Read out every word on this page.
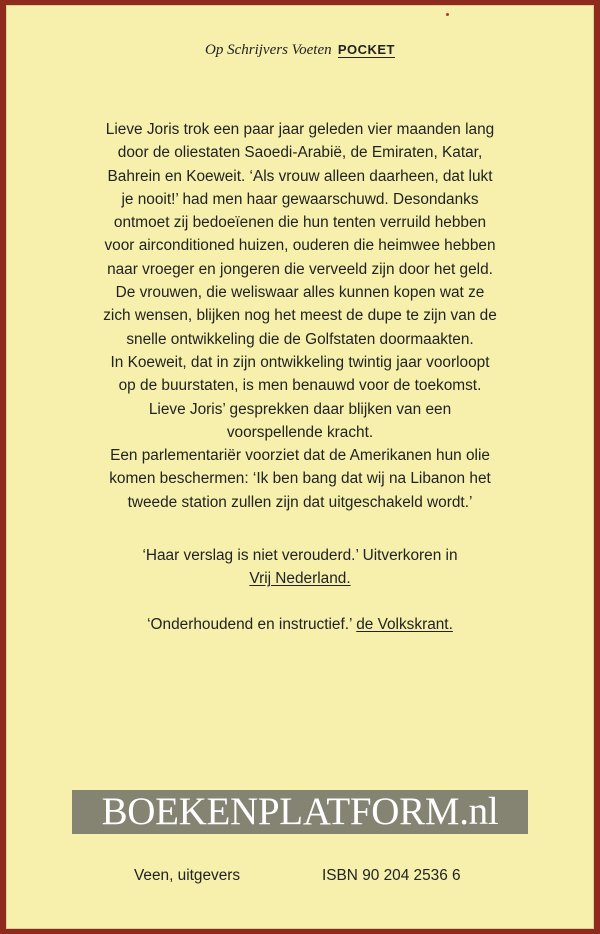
Op Schrijvers Voeten POCKET
Lieve Joris trok een paar jaar geleden vier maanden lang
door de oliestaten Saoedi-Arabië, de Emiraten, Katar,
Bahrein en Koeweit. ‘Als vrouw alleen daarheen, dat lukt
je nooit!’ had men haar gewaarschuwd. Desondanks
ontmoet zij bedoeïenen die hun tenten verruild hebben
voor airconditioned huizen, ouderen die heimwee hebben
naar vroeger en jongeren die verveeld zijn door het geld.
De vrouwen, die weliswaar alles kunnen kopen wat ze
zich wensen, blijken nog het meest de dupe te zijn van de
snelle ontwikkeling die de Golfstaten doormaakten.
In Koeweit, dat in zijn ontwikkeling twintig jaar voorloopt
op de buurstaten, is men benauwd voor de toekomst.
Lieve Joris’ gesprekken daar blijken van een
voorspellende kracht.
Een parlementariër voorziet dat de Amerikanen hun olie
komen beschermen: ‘Ik ben bang dat wij na Libanon het
tweede station zullen zijn dat uitgeschakeld wordt.’
‘Haar verslag is niet verouderd.’ Uitverkoren in
Vrij Nederland.
‘Onderhoudend en instructief.’ de Volkskrant.
BOEKENPLATFORM.nl
Veen, uitgevers	ISBN 90 204 2536 6
